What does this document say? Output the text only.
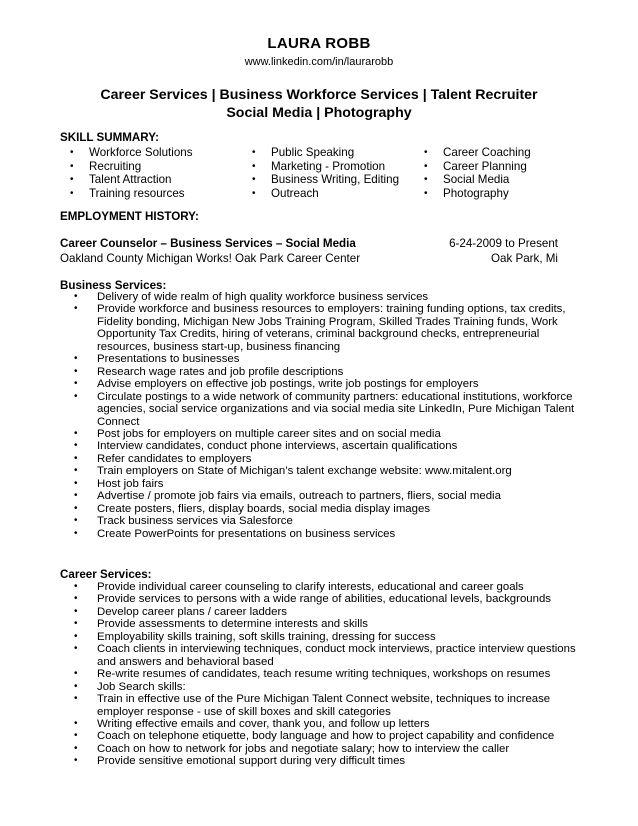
LAURA ROBB
www.linkedin.com/in/laurarobb
Career Services | Business Workforce Services | Talent Recruiter
Social Media | Photography
SKILL SUMMARY:
• Workforce Solutions
• Recruiting
• Talent Attraction
• Training resources
• Public Speaking
• Marketing - Promotion
• Business Writing, Editing
• Outreach
• Career Coaching
• Career Planning
• Social Media
• Photography
EMPLOYMENT HISTORY:
Career Counselor – Business Services – Social Media	6-24-2009 to Present
Oakland County Michigan Works! Oak Park Career Center	Oak Park, Mi
Business Services:
• Delivery of wide realm of high quality workforce business services
• Provide workforce and business resources to employers: training funding options, tax credits, Fidelity bonding, Michigan New Jobs Training Program, Skilled Trades Training funds, Work Opportunity Tax Credits, hiring of veterans, criminal background checks, entrepreneurial resources, business start-up, business financing
• Presentations to businesses
• Research wage rates and job profile descriptions
• Advise employers on effective job postings, write job postings for employers
• Circulate postings to a wide network of community partners: educational institutions, workforce agencies, social service organizations and via social media site LinkedIn, Pure Michigan Talent Connect
• Post jobs for employers on multiple career sites and on social media
• Interview candidates, conduct phone interviews, ascertain qualifications
• Refer candidates to employers
• Train employers on State of Michigan’s talent exchange website: www.mitalent.org
• Host job fairs
• Advertise / promote job fairs via emails, outreach to partners, fliers, social media
• Create posters, fliers, display boards, social media display images
• Track business services via Salesforce
• Create PowerPoints for presentations on business services
Career Services:
• Provide individual career counseling to clarify interests, educational and career goals
• Provide services to persons with a wide range of abilities, educational levels, backgrounds
• Develop career plans / career ladders
• Provide assessments to determine interests and skills
• Employability skills training, soft skills training, dressing for success
• Coach clients in interviewing techniques, conduct mock interviews, practice interview questions and answers and behavioral based
• Re-write resumes of candidates, teach resume writing techniques, workshops on resumes
• Job Search skills:
• Train in effective use of the Pure Michigan Talent Connect website, techniques to increase employer response - use of skill boxes and skill categories
• Writing effective emails and cover, thank you, and follow up letters
• Coach on telephone etiquette, body language and how to project capability and confidence
• Coach on how to network for jobs and negotiate salary; how to interview the caller
• Provide sensitive emotional support during very difficult times
